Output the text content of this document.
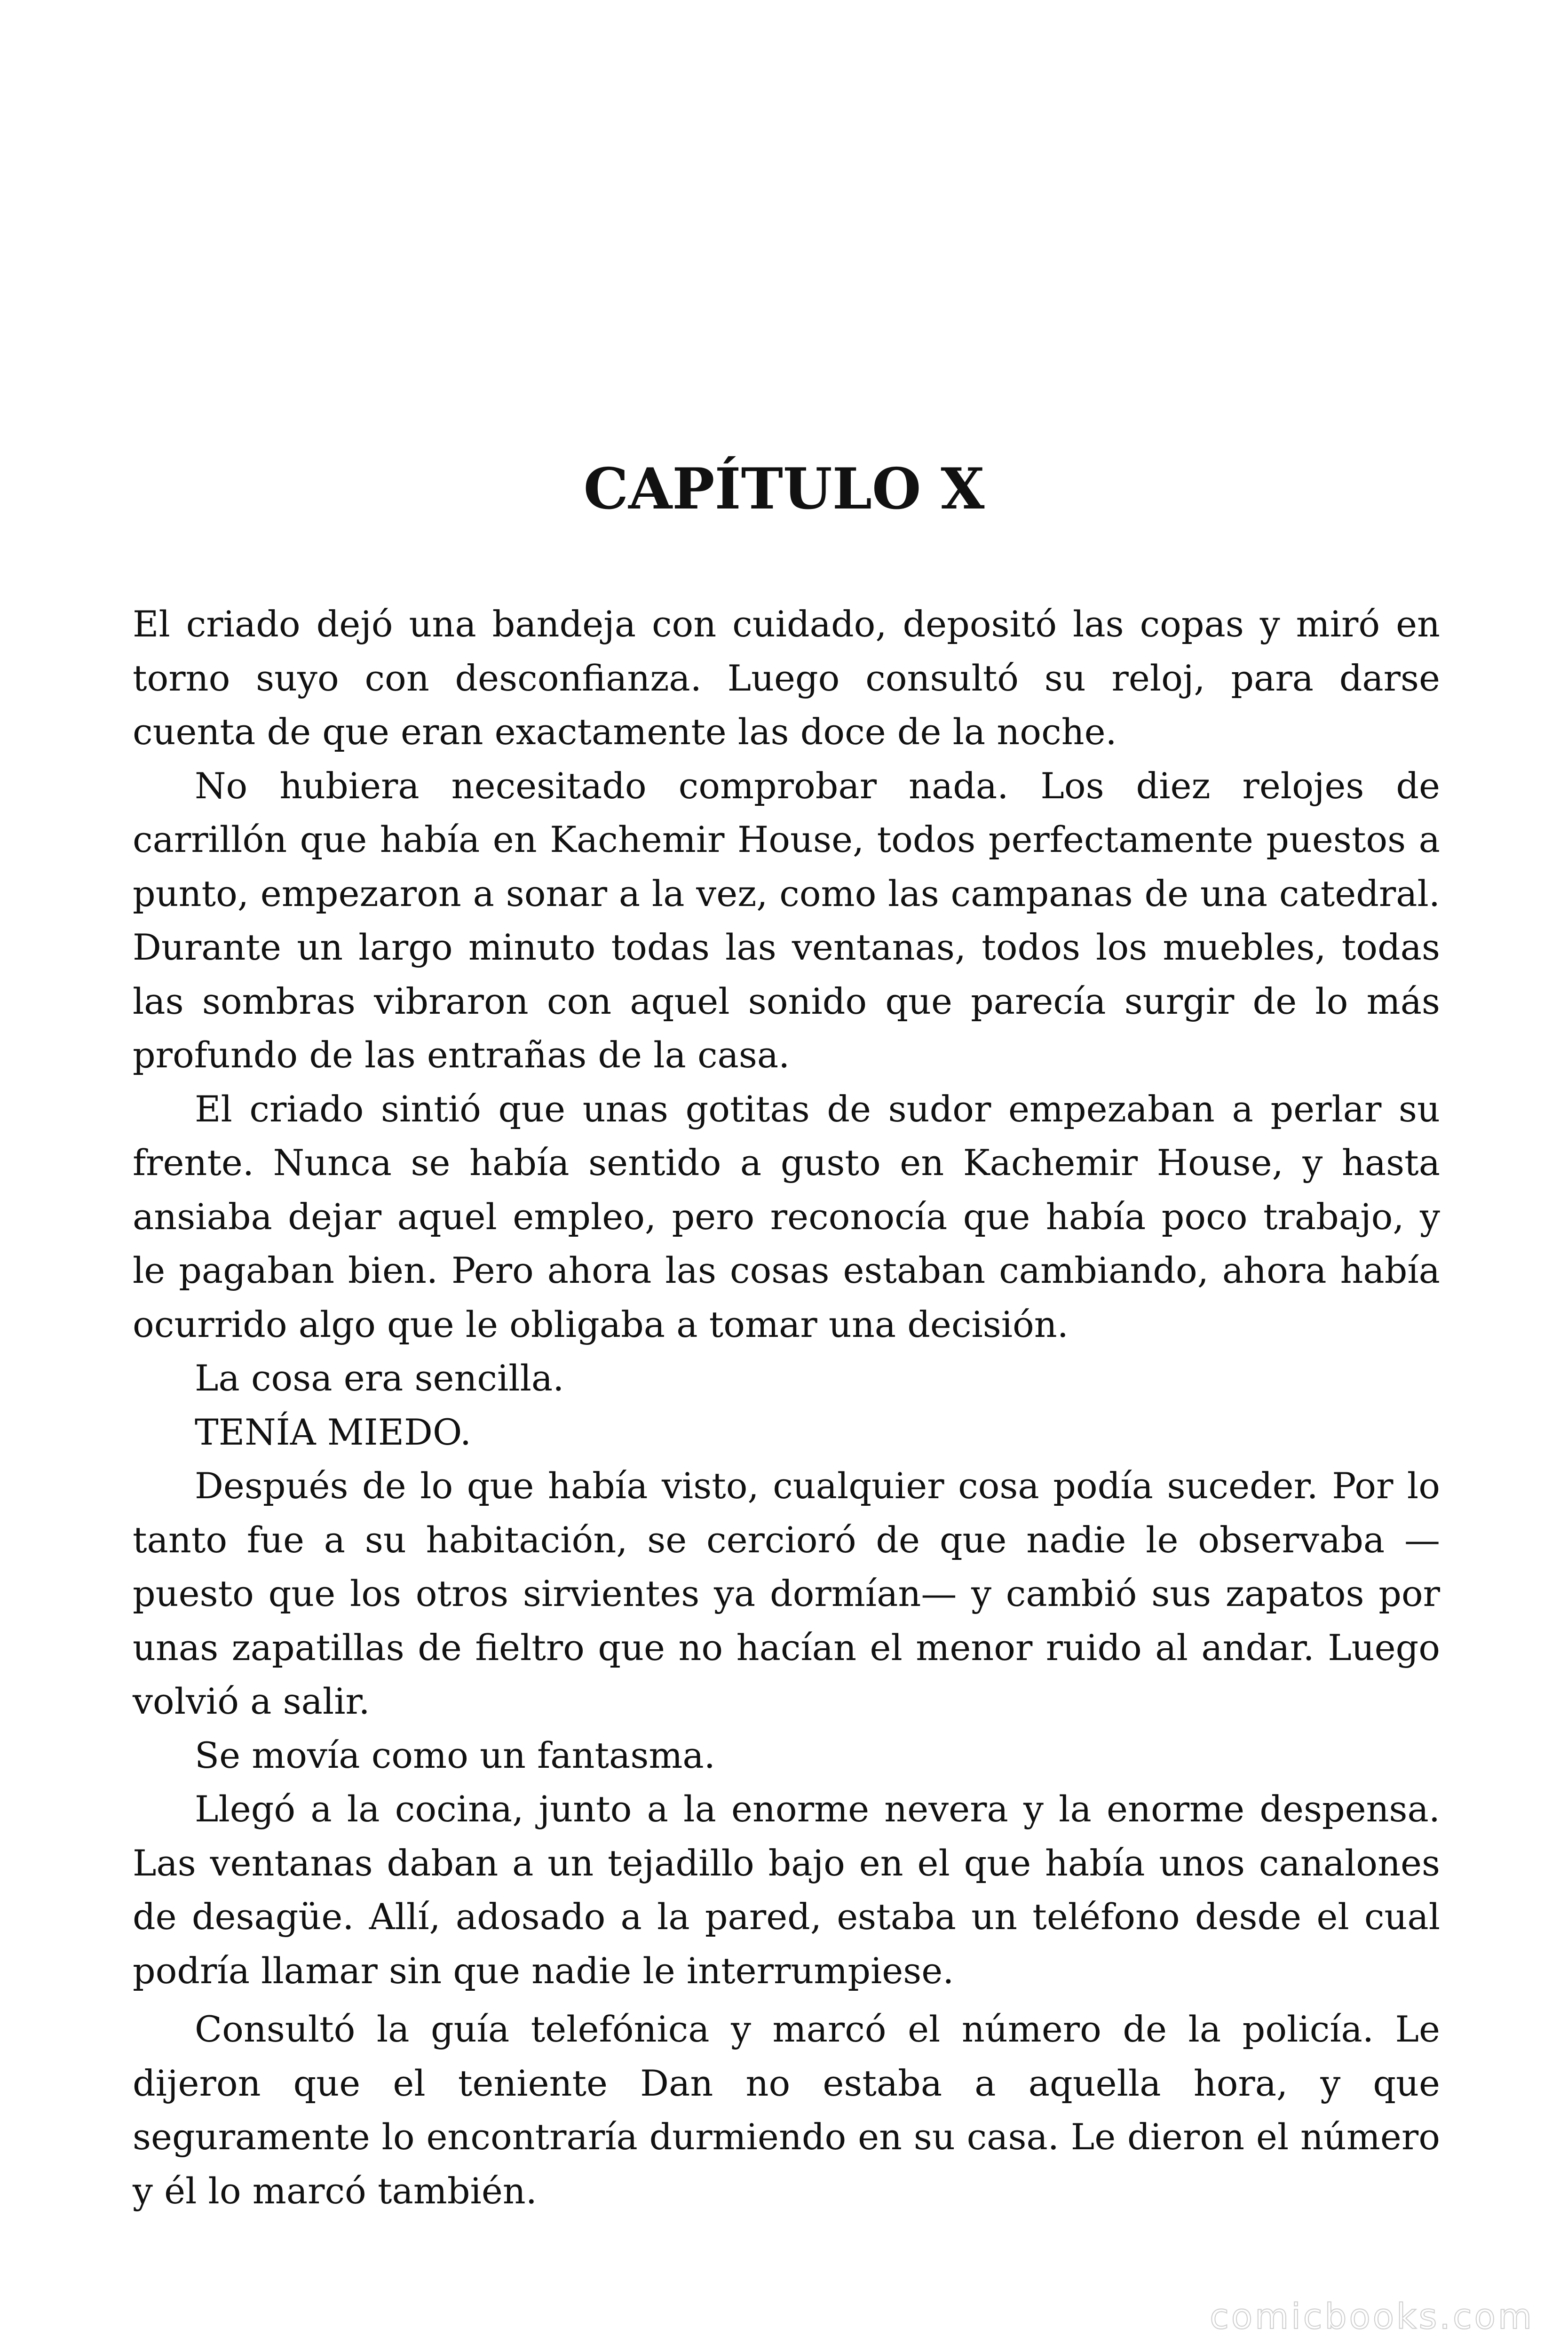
CAPÍTULO X

El criado dejó una bandeja con cuidado, depositó las copas y miró en torno suyo con desconfianza. Luego consultó su reloj, para darse cuenta de que eran exactamente las doce de la noche.

No hubiera necesitado comprobar nada. Los diez relojes de carrillón que había en Kachemir House, todos perfectamente puestos a punto, empezaron a sonar a la vez, como las campanas de una catedral. Durante un largo minuto todas las ventanas, todos los muebles, todas las sombras vibraron con aquel sonido que parecía surgir de lo más profundo de las entrañas de la casa.

El criado sintió que unas gotitas de sudor empezaban a perlar su frente. Nunca se había sentido a gusto en Kachemir House, y hasta ansiaba dejar aquel empleo, pero reconocía que había poco trabajo, y le pagaban bien. Pero ahora las cosas estaban cambiando, ahora había ocurrido algo que le obligaba a tomar una decisión.

La cosa era sencilla.

TENÍA MIEDO.

Después de lo que había visto, cualquier cosa podía suceder. Por lo tanto fue a su habitación, se cercioró de que nadie le observaba —puesto que los otros sirvientes ya dormían— y cambió sus zapatos por unas zapatillas de fieltro que no hacían el menor ruido al andar. Luego volvió a salir.

Se movía como un fantasma.

Llegó a la cocina, junto a la enorme nevera y la enorme despensa. Las ventanas daban a un tejadillo bajo en el que había unos canalones de desagüe. Allí, adosado a la pared, estaba un teléfono desde el cual podría llamar sin que nadie le interrumpiese.

Consultó la guía telefónica y marcó el número de la policía. Le dijeron que el teniente Dan no estaba a aquella hora, y que seguramente lo encontraría durmiendo en su casa. Le dieron el número y él lo marcó también.

comicbooks.com
